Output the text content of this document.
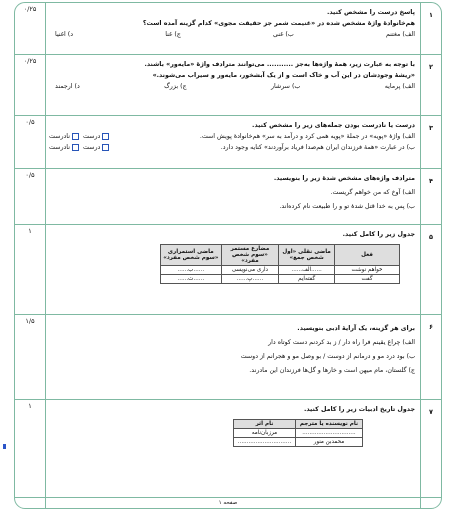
۱
۰/۲۵	پاسخ درست را مشخص کنید.
هم‌خانوادۀ واژۀ مشخص شده در «غنیمت شمر جز حقیقت مجوی» کدام گزینه آمده است؟
الف) مغتنم
ب) غنی
ج) غنا
د) اغنیا
۲
۰/۲۵	با توجه به عبارت زیر، همۀ واژه‌ها به‌جز ........... می‌توانند مترادف واژۀ «مایه‌ور» باشند.
«ریشۀ وجودشان در این آب و خاک است و از یک آبشخور، مایه‌ور و سیراب می‌شوند.»
الف) پرمایه
ب) سرشار
ج) بزرگ
د) ارجمند
۳
۰/۵	درست یا نادرست بودن جمله‌های زیر را مشخص کنید.
الف) واژۀ «پویه» در جملۀ «پویه همی کرد و درآمد به سر» هم‌خانوادۀ پویش است.
درست نادرست
ب) در عبارت «همۀ فرزندان ایران هم‌صدا فریاد برآوردند» کنایه وجود دارد.
درست نادرست
۴
۰/۵	مترادف واژه‌های مشخص شدۀ زیر را بنویسید.
الف) آوخ که من خواهم گریست.
ب) پس به خدا قتل شدهٔ تو و را طبیعت نام کرده‌اند.
۵
۱	جدول زیر را کامل کنید.
فعل	ماضی نقلی «اول شخص جمع»	مضارع مستمر «سوم شخص مفرد»	ماضی استمراری «سوم شخص مفرد»
خواهم نوشت	......الف......	داری می‌نویسی	......ب......
گفت	گفته‌ایم	......پ......	......ت......
۶
۱/۵
برای هر گزینه، یک آرایۀ ادبی بنویسید.
الف) چراغ یقینم فرا راه دار / ز بد کردنم دست کوتاه دار
ب) بود درد مو و درمانم از دوست / بو وصل مو و هجرانم از دوست
ج) گلستان، مام میهن است و خارها و گل‌ها فرزندان این مادرند.
۷
۱	جدول تاریخ ادبیات زیر را کامل کنید.
نام نویسنده یا مترجم	نام اثر
..............................	مرزبان‌نامه
محمدبن منور	..............................
صفحه ۱
